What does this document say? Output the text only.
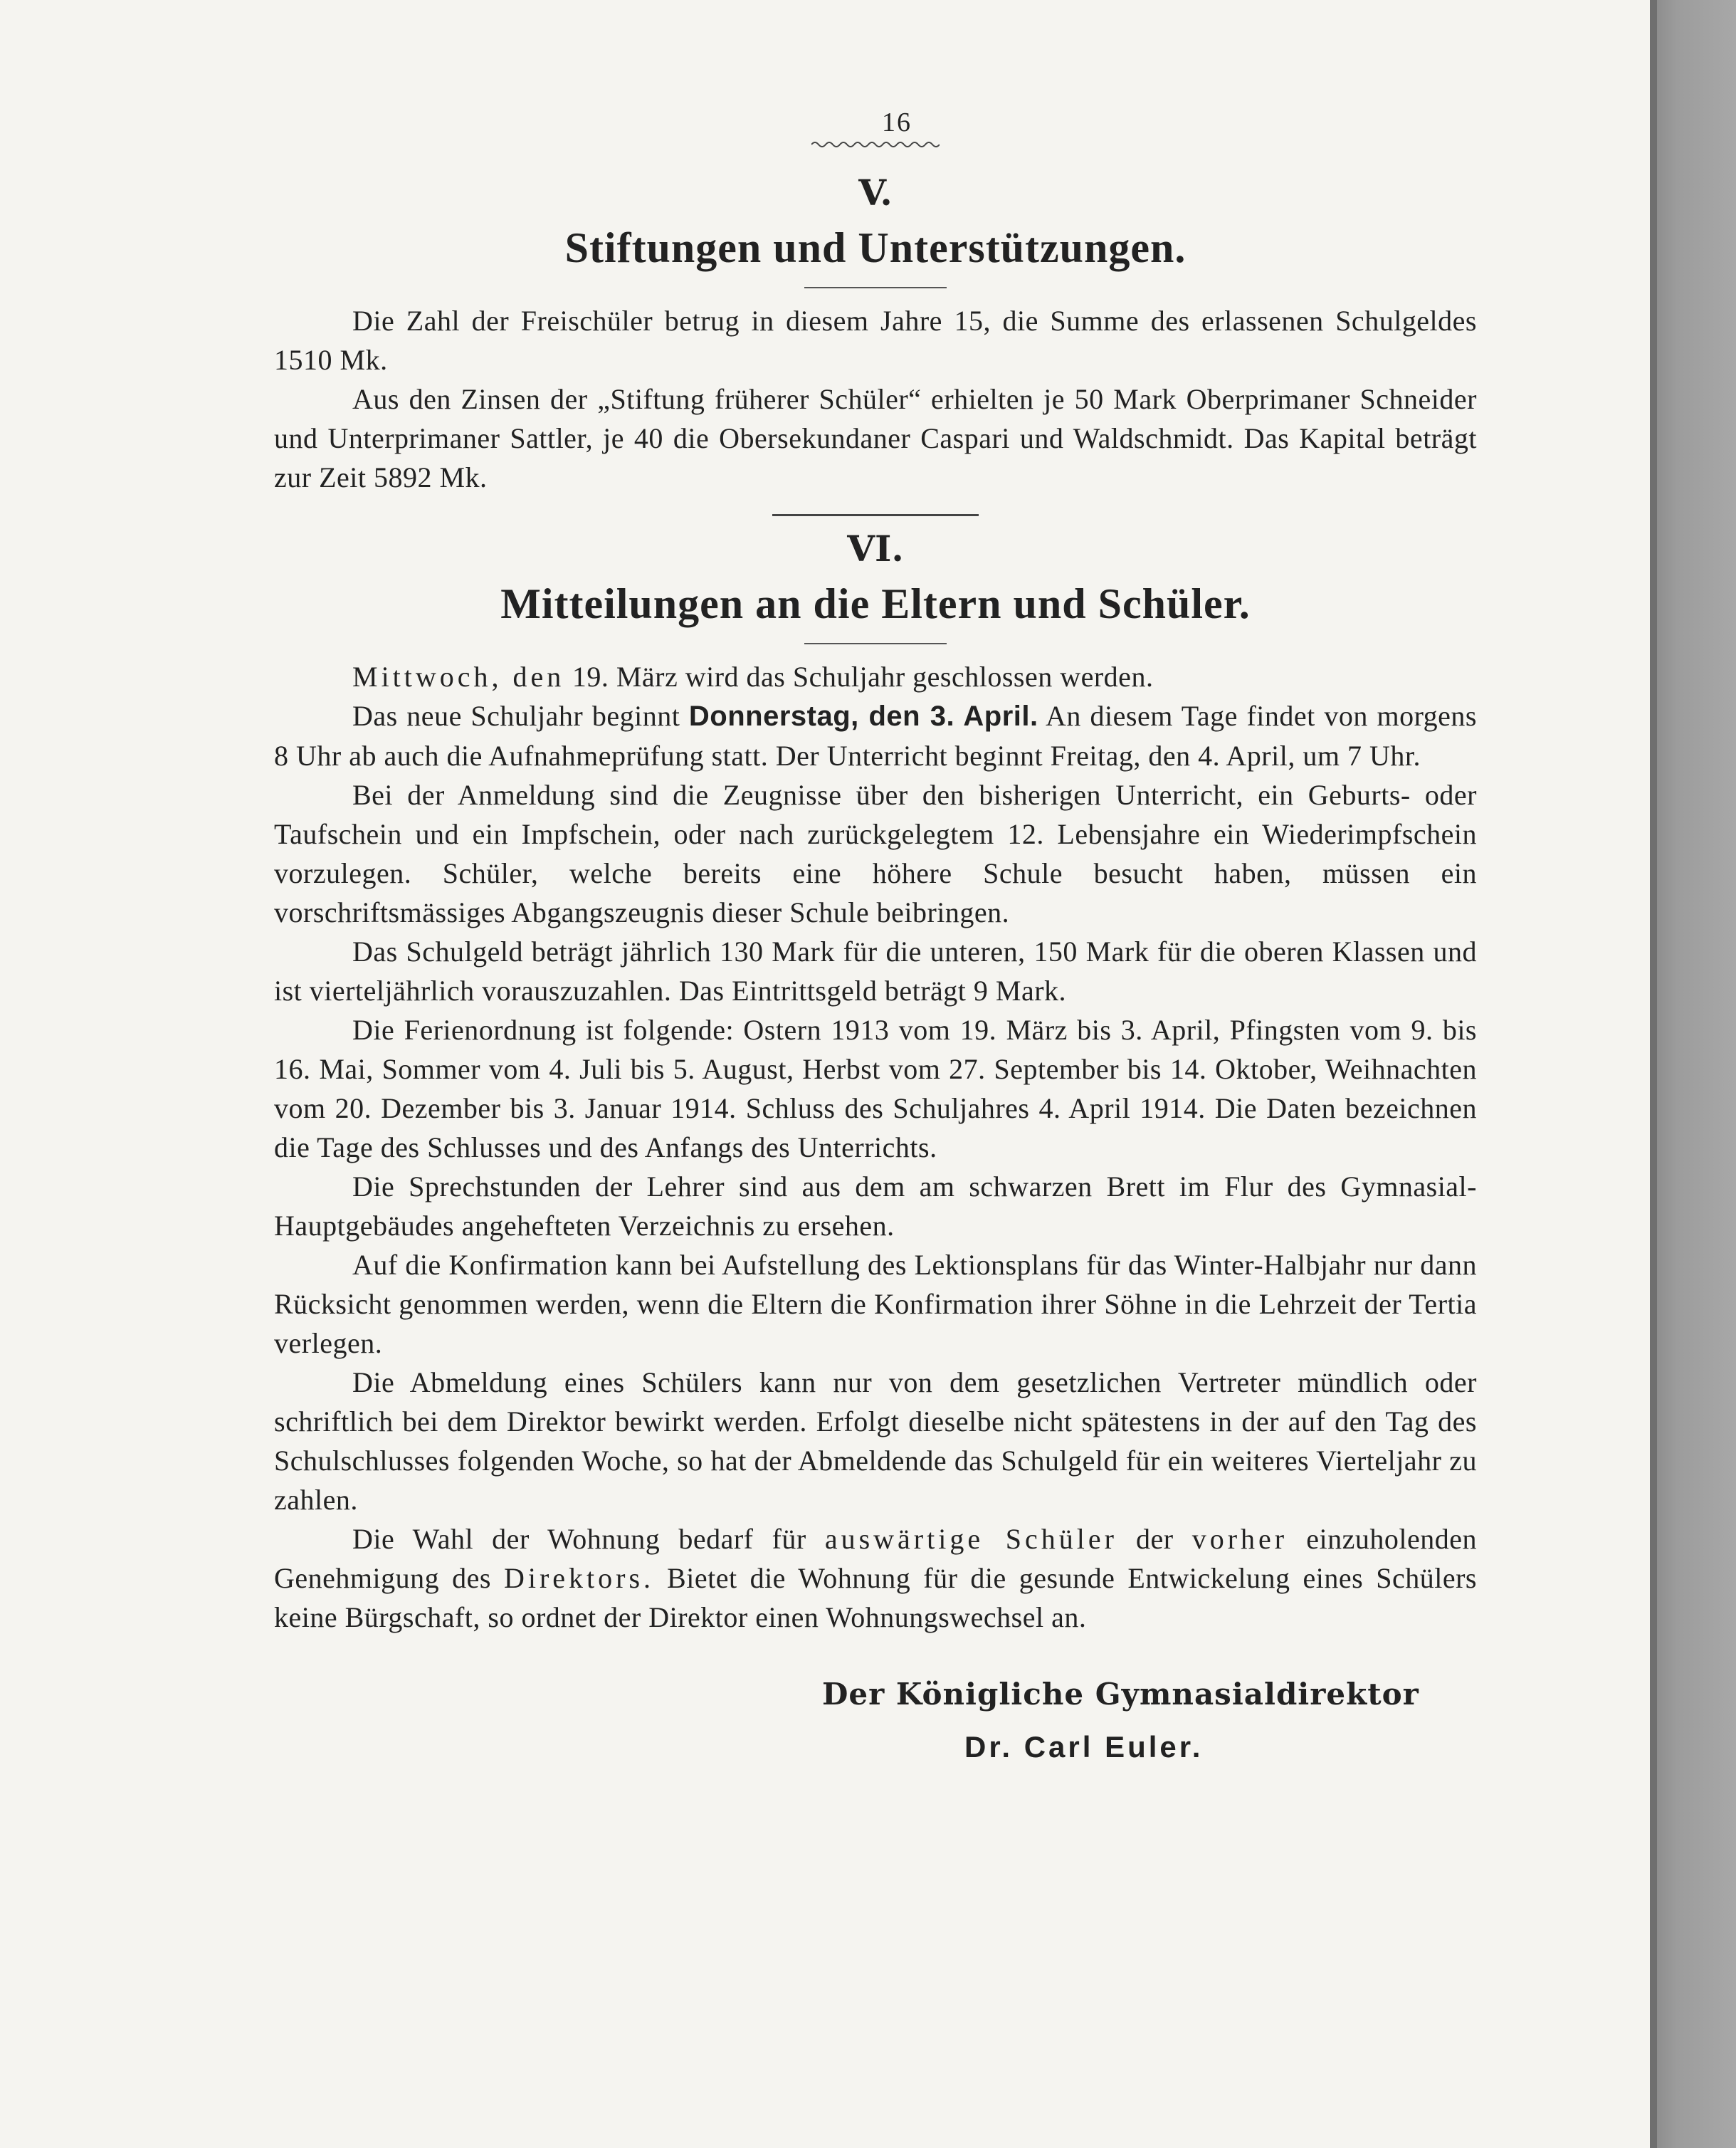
16
V.
Stiftungen und Unterstützungen.

Die Zahl der Freischüler betrug in diesem Jahre 15, die Summe des erlassenen Schulgeldes 1510 Mk.

Aus den Zinsen der „Stiftung früherer Schüler“ erhielten je 50 Mark Oberprimaner Schneider und Unterprimaner Sattler, je 40 die Obersekundaner Caspari und Waldschmidt. Das Kapital beträgt zur Zeit 5892 Mk.

VI.
Mitteilungen an die Eltern und Schüler.

Mittwoch, den 19. März wird das Schuljahr geschlossen werden.

Das neue Schuljahr beginnt Donnerstag, den 3. April. An diesem Tage findet von morgens 8 Uhr ab auch die Aufnahmeprüfung statt. Der Unterricht beginnt Freitag, den 4. April, um 7 Uhr.

Bei der Anmeldung sind die Zeugnisse über den bisherigen Unterricht, ein Geburts- oder Taufschein und ein Impfschein, oder nach zurückgelegtem 12. Lebensjahre ein Wiederimpfschein vorzulegen. Schüler, welche bereits eine höhere Schule besucht haben, müssen ein vorschriftsmässiges Abgangszeugnis dieser Schule beibringen.

Das Schulgeld beträgt jährlich 130 Mark für die unteren, 150 Mark für die oberen Klassen und ist vierteljährlich vorauszuzahlen. Das Eintrittsgeld beträgt 9 Mark.

Die Ferienordnung ist folgende: Ostern 1913 vom 19. März bis 3. April, Pfingsten vom 9. bis 16. Mai, Sommer vom 4. Juli bis 5. August, Herbst vom 27. September bis 14. Oktober, Weihnachten vom 20. Dezember bis 3. Januar 1914. Schluss des Schuljahres 4. April 1914. Die Daten bezeichnen die Tage des Schlusses und des Anfangs des Unterrichts.

Die Sprechstunden der Lehrer sind aus dem am schwarzen Brett im Flur des Gymnasial-Hauptgebäudes angehefteten Verzeichnis zu ersehen.

Auf die Konfirmation kann bei Aufstellung des Lektionsplans für das Winter-Halbjahr nur dann Rücksicht genommen werden, wenn die Eltern die Konfirmation ihrer Söhne in die Lehrzeit der Tertia verlegen.

Die Abmeldung eines Schülers kann nur von dem gesetzlichen Vertreter mündlich oder schriftlich bei dem Direktor bewirkt werden. Erfolgt dieselbe nicht spätestens in der auf den Tag des Schulschlusses folgenden Woche, so hat der Abmeldende das Schulgeld für ein weiteres Vierteljahr zu zahlen.

Die Wahl der Wohnung bedarf für auswärtige Schüler der vorher einzuholenden Genehmigung des Direktors. Bietet die Wohnung für die gesunde Entwickelung eines Schülers keine Bürgschaft, so ordnet der Direktor einen Wohnungswechsel an.

Der Königliche Gymnasialdirektor
Dr. Carl Euler.
